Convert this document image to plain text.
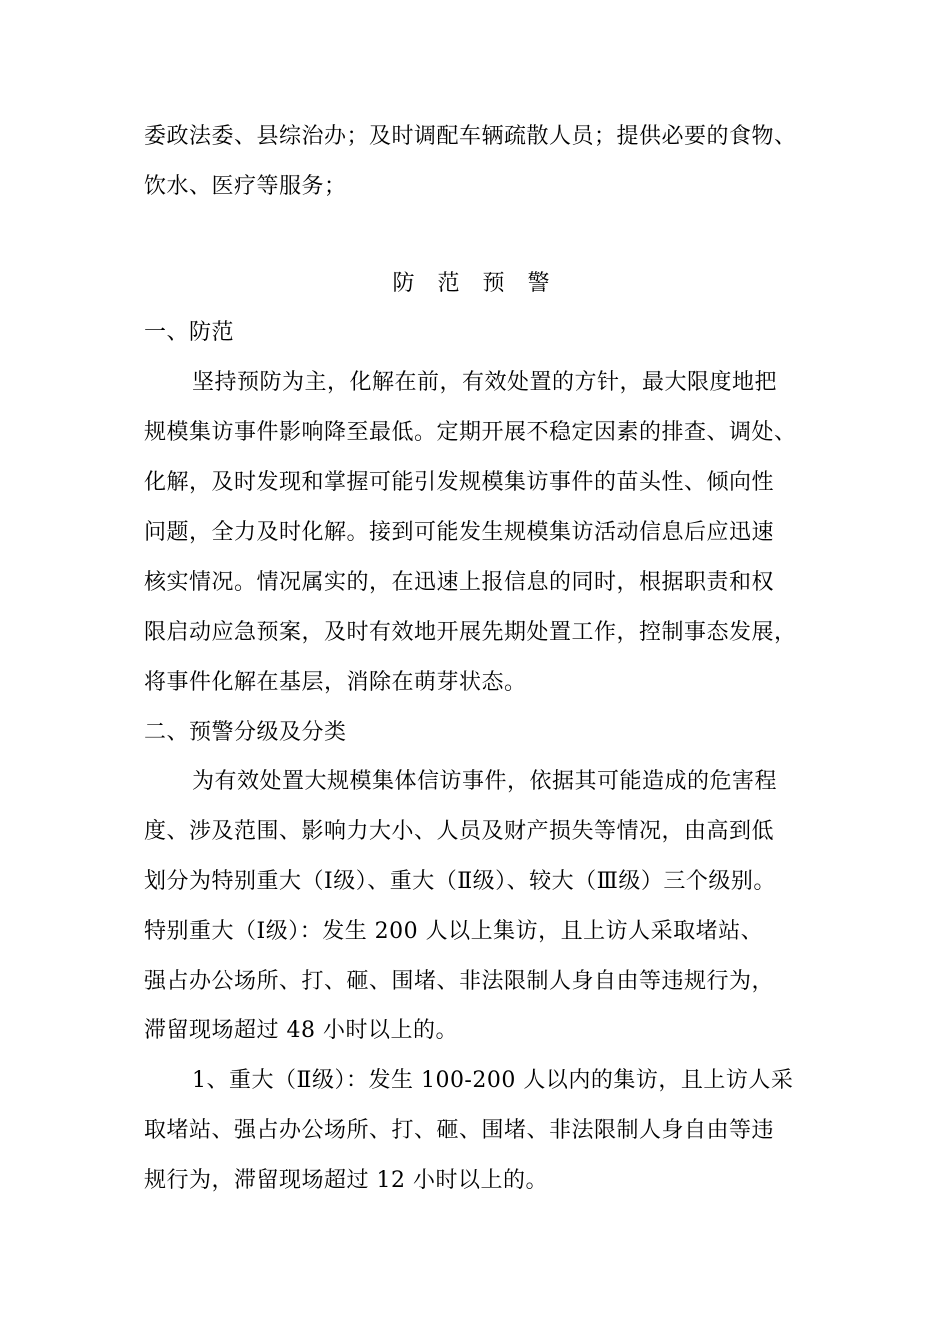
委政法委、县综治办；及时调配车辆疏散人员；提供必要的食物、
饮水、医疗等服务；
防 范 预 警
一、防范
坚持预防为主，化解在前，有效处置的方针，最大限度地把
规模集访事件影响降至最低。定期开展不稳定因素的排查、调处、
化解，及时发现和掌握可能引发规模集访事件的苗头性、倾向性
问题，全力及时化解。接到可能发生规模集访活动信息后应迅速
核实情况。情况属实的，在迅速上报信息的同时，根据职责和权
限启动应急预案，及时有效地开展先期处置工作，控制事态发展，
将事件化解在基层，消除在萌芽状态。
二、预警分级及分类
为有效处置大规模集体信访事件，依据其可能造成的危害程
度、涉及范围、影响力大小、人员及财产损失等情况，由高到低
划分为特别重大（Ⅰ级）、重大（Ⅱ级）、较大（Ⅲ级）三个级别。
特别重大（Ⅰ级）：发生 200 人以上集访，且上访人采取堵站、
强占办公场所、打、砸、围堵、非法限制人身自由等违规行为，
滞留现场超过 48 小时以上的。
1、重大（Ⅱ级）：发生 100-200 人以内的集访，且上访人采
取堵站、强占办公场所、打、砸、围堵、非法限制人身自由等违
规行为，滞留现场超过 12 小时以上的。
